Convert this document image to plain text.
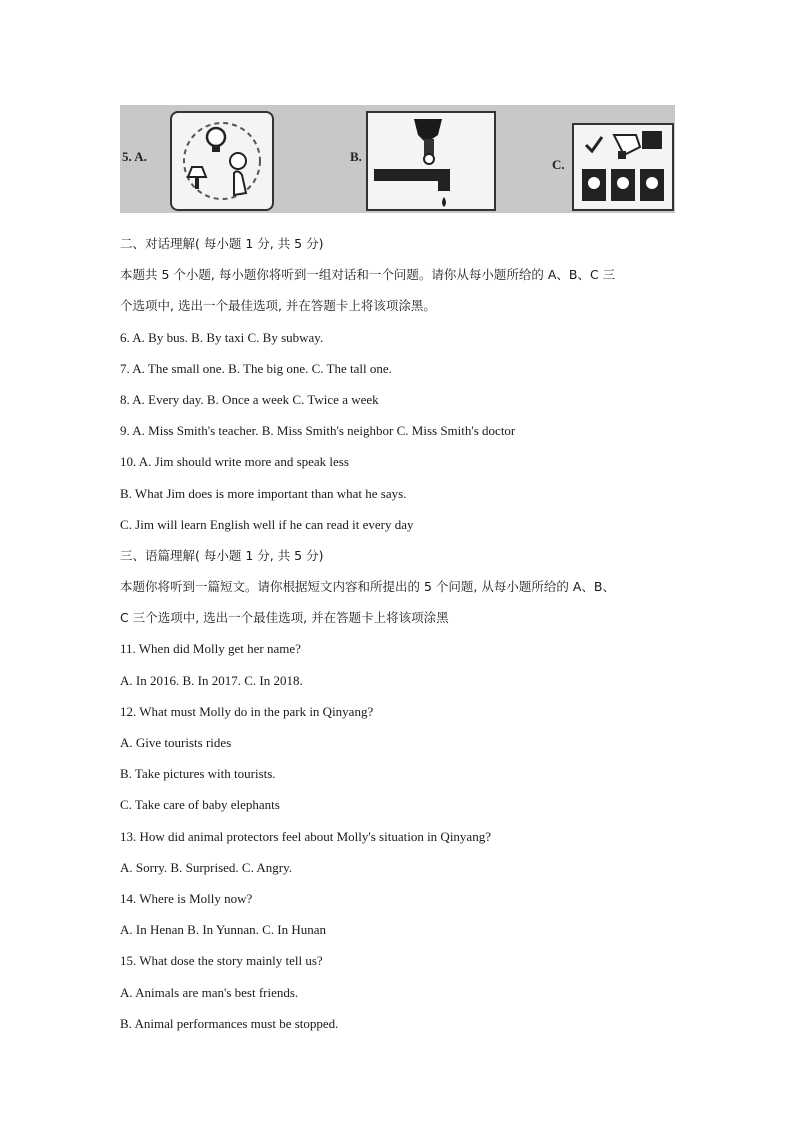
5. A.	B.
C.
二、对话理解( 每小题 1 分, 共 5 分)
本题共 5 个小题, 每小题你将听到一组对话和一个问题。请你从每小题所给的 A、B、C 三
个选项中, 选出一个最佳选项, 并在答题卡上将该项涂黑。
6. A. By bus. B. By taxi C. By subway.
7. A. The small one. B. The big one. C. The tall one.
8. A. Every day. B. Once a week C. Twice a week
9. A. Miss Smith's teacher. B. Miss Smith's neighbor C. Miss Smith's doctor
10. A. Jim should write more and speak less
B. What Jim does is more important than what he says.
C. Jim will learn English well if he can read it every day
三、语篇理解( 每小题 1 分, 共 5 分)
本题你将听到一篇短文。请你根据短文内容和所提出的 5 个问题, 从每小题所给的 A、B、
C 三个选项中, 选出一个最佳选项, 并在答题卡上将该项涂黑
11. When did Molly get her name?
A. In 2016. B. In 2017. C. In 2018.
12. What must Molly do in the park in Qinyang?
A. Give tourists rides
B. Take pictures with tourists.
C. Take care of baby elephants
13. How did animal protectors feel about Molly's situation in Qinyang?
A. Sorry. B. Surprised. C. Angry.
14. Where is Molly now?
A. In Henan B. In Yunnan. C. In Hunan
15. What dose the story mainly tell us?
A. Animals are man's best friends.
B. Animal performances must be stopped.
